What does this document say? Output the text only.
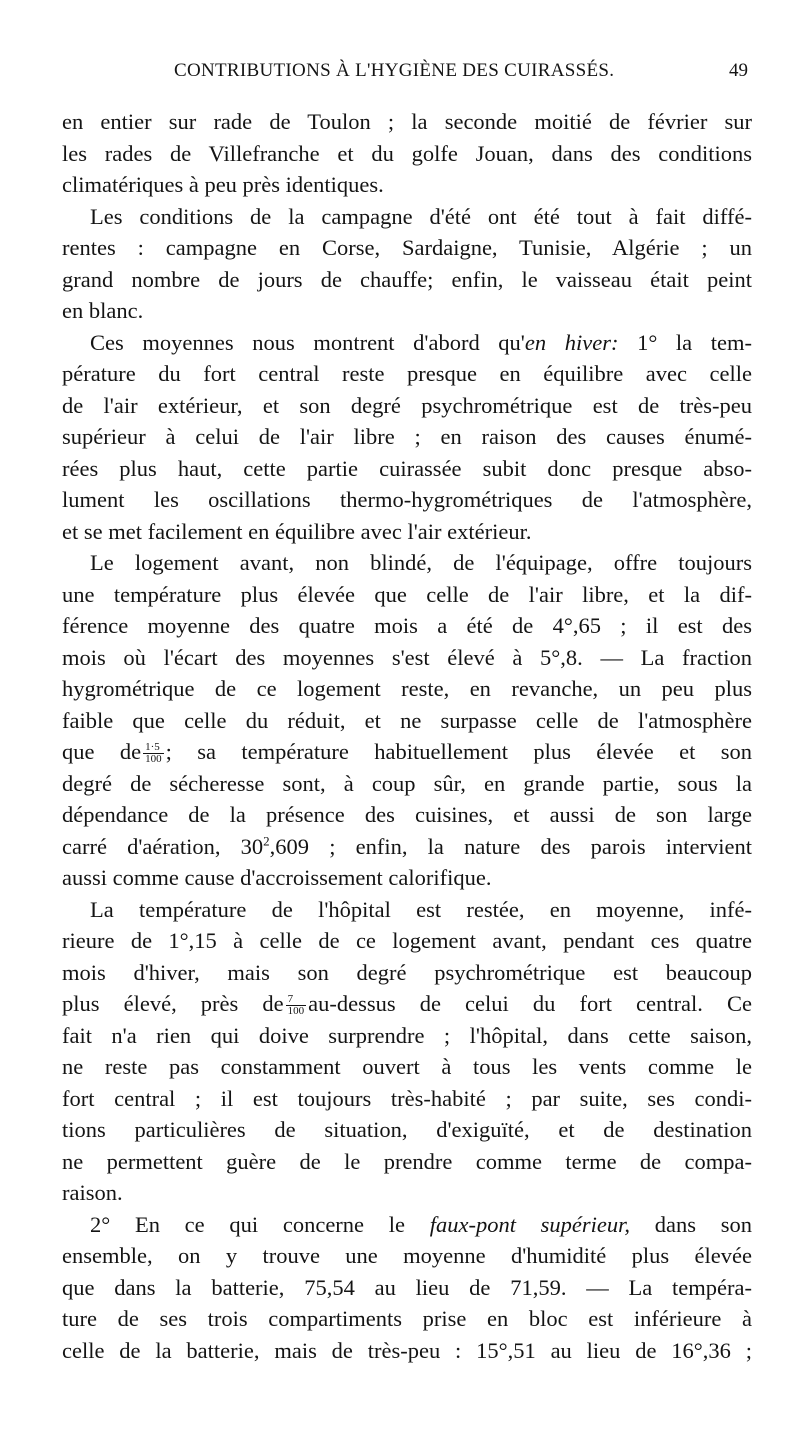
CONTRIBUTIONS À L'HYGIÈNE DES CUIRASSÉS.	49
en entier sur rade de Toulon ; la seconde moitié de février sur
les rades de Villefranche et du golfe Jouan, dans des conditions
climatériques à peu près identiques.
Les conditions de la campagne d'été ont été tout à fait diffé-
rentes : campagne en Corse, Sardaigne, Tunisie, Algérie ; un
grand nombre de jours de chauffe; enfin, le vaisseau était peint
en blanc.
Ces moyennes nous montrent d'abord qu'en hiver: 1° la tem-
pérature du fort central reste presque en équilibre avec celle
de l'air extérieur, et son degré psychrométrique est de très-peu
supérieur à celui de l'air libre ; en raison des causes énumé-
rées plus haut, cette partie cuirassée subit donc presque abso-
lument les oscillations thermo-hygrométriques de l'atmosphère,
et se met facilement en équilibre avec l'air extérieur.
Le logement avant, non blindé, de l'équipage, offre toujours
une température plus élevée que celle de l'air libre, et la dif-
férence moyenne des quatre mois a été de 4°,65 ; il est des
mois où l'écart des moyennes s'est élevé à 5°,8. — La fraction
hygrométrique de ce logement reste, en revanche, un peu plus
faible que celle du réduit, et ne surpasse celle de l'atmosphère
que de $\frac{1\cdot 5}{100}$ ; sa température habituellement plus élevée et son
degré de sécheresse sont, à coup sûr, en grande partie, sous la
dépendance de la présence des cuisines, et aussi de son large
carré d'aération, $30^2,609$ ; enfin, la nature des parois intervient
aussi comme cause d'accroissement calorifique.
La température de l'hôpital est restée, en moyenne, infé-
rieure de 1°,15 à celle de ce logement avant, pendant ces quatre
mois d'hiver, mais son degré psychrométrique est beaucoup
plus élevé, près de $\frac{7}{100}$ au-dessus de celui du fort central. Ce
fait n'a rien qui doive surprendre ; l'hôpital, dans cette saison,
ne reste pas constamment ouvert à tous les vents comme le
fort central ; il est toujours très-habité ; par suite, ses condi-
tions particulières de situation, d'exiguïté, et de destination
ne permettent guère de le prendre comme terme de compa-
raison.
2° En ce qui concerne le faux-pont supérieur, dans son
ensemble, on y trouve une moyenne d'humidité plus élevée
que dans la batterie, 75,54 au lieu de 71,59. — La tempéra-
ture de ses trois compartiments prise en bloc est inférieure à
celle de la batterie, mais de très-peu : 15°,51 au lieu de 16°,36 ;
